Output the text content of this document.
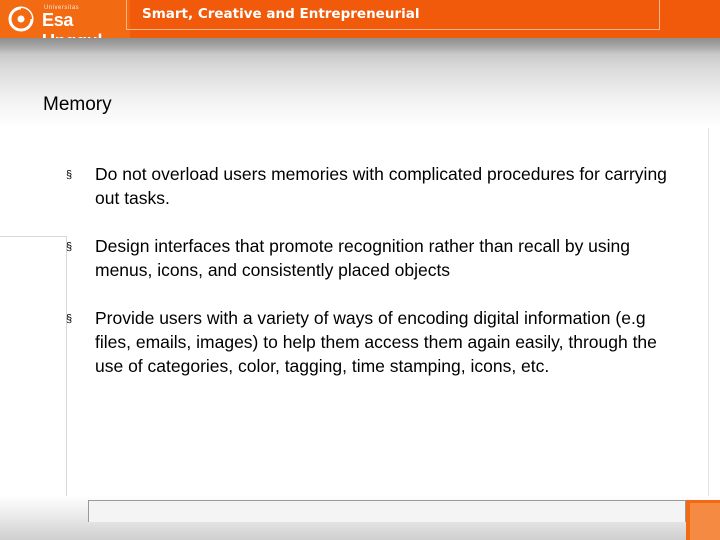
Universitas
Esa	Smart, Creative and Entrepreneurial
Memory
§ Do not overload users memories with complicated procedures for carrying out tasks.
§ Design interfaces that promote recognition rather than recall by using menus, icons, and consistently placed objects
§ Provide users with a variety of ways of encoding digital information (e.g files, emails, images) to help them access them again easily, through the use of categories, color, tagging, time stamping, icons, etc.
